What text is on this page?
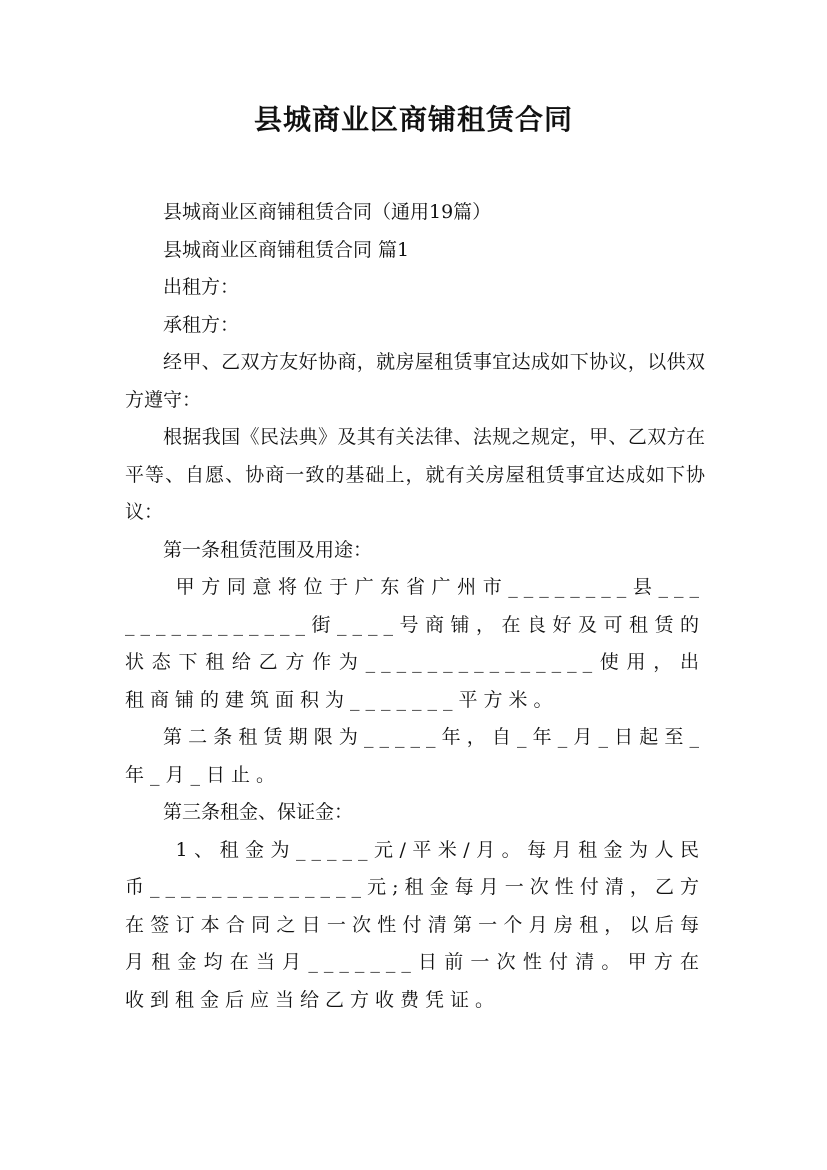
县城商业区商铺租赁合同

县城商业区商铺租赁合同（通用19篇）

县城商业区商铺租赁合同 篇1

出租方：

承租方：

经甲、乙双方友好协商，就房屋租赁事宜达成如下协议，以供双方遵守：

根据我国《民法典》及其有关法律、法规之规定，甲、乙双方在平等、自愿、协商一致的基础上，就有关房屋租赁事宜达成如下协议：

第一条租赁范围及用途：

甲方同意将位于广东省广州市________县_______________街____号商铺，在良好及可租赁的状态下租给乙方作为_______________使用，出租商铺的建筑面积为_______平方米。

第二条租赁期限为_____年，自_年_月_日起至_年_月_日止。

第三条租金、保证金：

1、租金为_____元/平米/月。每月租金为人民币______________元;租金每月一次性付清，乙方在签订本合同之日一次性付清第一个月房租，以后每月租金均在当月_______日前一次性付清。甲方在收到租金后应当给乙方收费凭证。
